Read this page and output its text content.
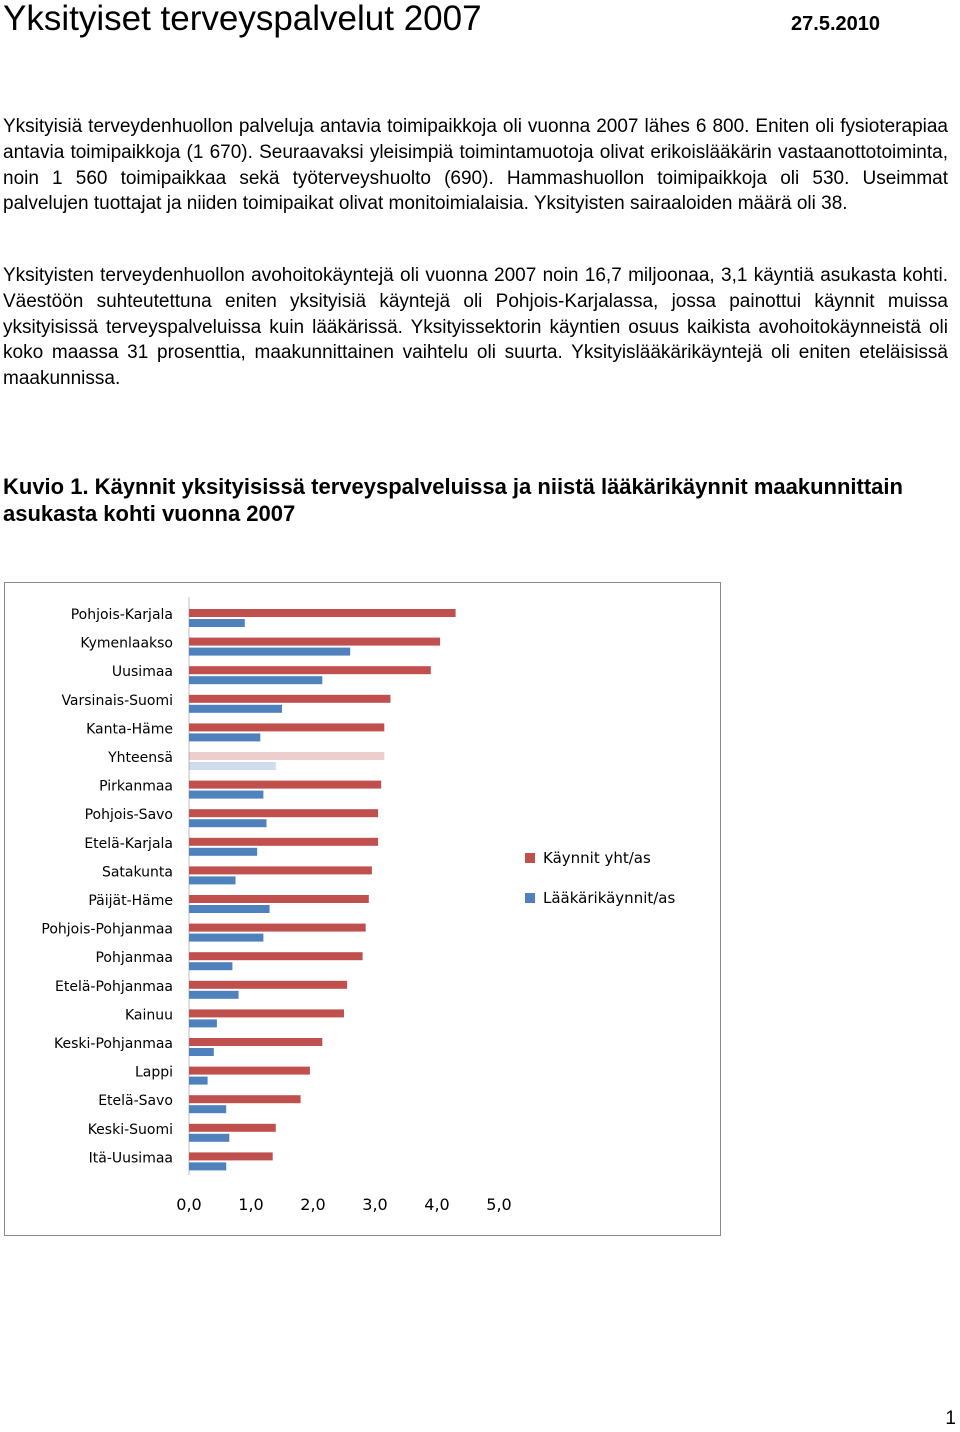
Yksityiset terveyspalvelut 2007	27.5.2010

Yksityisiä terveydenhuollon palveluja antavia toimipaikkoja oli vuonna 2007 lähes 6 800. Eniten oli fysioterapiaa antavia toimipaikkoja (1 670). Seuraavaksi yleisimpiä toimintamuotoja olivat erikoislääkärin vastaanottotoiminta, noin 1 560 toimipaikkaa sekä työterveyshuolto (690). Hammashuollon toimipaikkoja oli 530. Useimmat palvelujen tuottajat ja niiden toimipaikat olivat monitoimialaisia. Yksityisten sairaaloiden määrä oli 38.

Yksityisten terveydenhuollon avohoitokäyntejä oli vuonna 2007 noin 16,7 miljoonaa, 3,1 käyntiä asukasta kohti. Väestöön suhteutettuna eniten yksityisiä käyntejä oli Pohjois-Karjalassa, jossa painottui käynnit muissa yksityisissä terveyspalveluissa kuin lääkärissä. Yksityissektorin käyntien osuus kaikista avohoitokäynneistä oli koko maassa 31 prosenttia, maakunnittainen vaihtelu oli suurta. Yksityislääkärikäyntejä oli eniten eteläisissä maakunnissa.

Kuvio 1. Käynnit yksityisissä terveyspalveluissa ja niistä lääkärikäynnit maakunnittain asukasta kohti vuonna 2007
Pohjois-Karjala
Kymenlaakso
Uusimaa
Varsinais-Suomi
Kanta-Häme
Yhteensä
Pirkanmaa
Pohjois-Savo
Etelä-Karjala
Satakunta
Päijät-Häme
Pohjois-Pohjanmaa
Pohjanmaa
Etelä-Pohjanmaa
Kainuu
Keski-Pohjanmaa
Lappi
Etelä-Savo
Keski-Suomi
Itä-Uusimaa
0,0 1,0 2,0 3,0 4,0 5,0
Käynnit yht/as
Lääkärikäynnit/as
1
